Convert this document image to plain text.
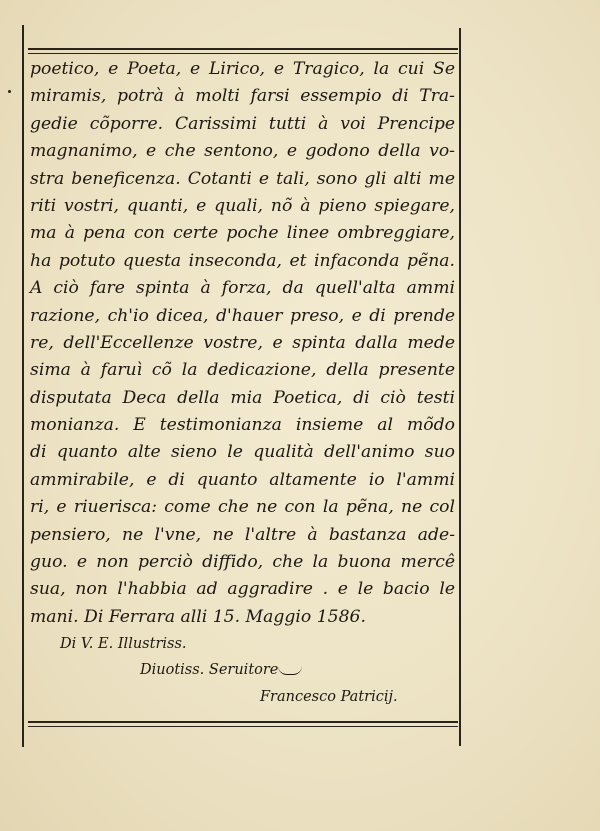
poetico, e Poeta, e Lirico, e Tragico, la cui Se
miramis, potrà à molti farsi essempio di Tra-
gedie cõporre. Carissimi tutti à voi Prencipe
magnanimo, e che sentono, e godono della vo-
stra beneficenza. Cotanti e tali, sono gli alti me
riti vostri, quanti, e quali, nõ à pieno spiegare,
ma à pena con certe poche linee ombreggiare,
ha potuto questa inseconda, et infaconda pẽna.
A ciò fare spinta à forza, da quell'alta ammi
razione, ch'io dicea, d'hauer preso, e di prende
re, dell'Eccellenze vostre, e spinta dalla mede
sima à faruì cõ la dedicazione, della presente
disputata Deca della mia Poetica, di ciò testi
monianza. E testimonianza insieme al mõdo
di quanto alte sieno le qualità dell'animo suo
ammirabile, e di quanto altamente io l'ammi
ri, e riuerisca: come che ne con la pẽna, ne col
pensiero, ne l'vne, ne l'altre à bastanza ade-
guo. e non perciò diffido, che la buona mercê
sua, non l'habbia ad aggradire . e le bacio le
mani. Di Ferrara alli 15. Maggio 1586.
Di V. E. Illustriss.
Diuotiss. Seruitore
Francesco Patricij.
